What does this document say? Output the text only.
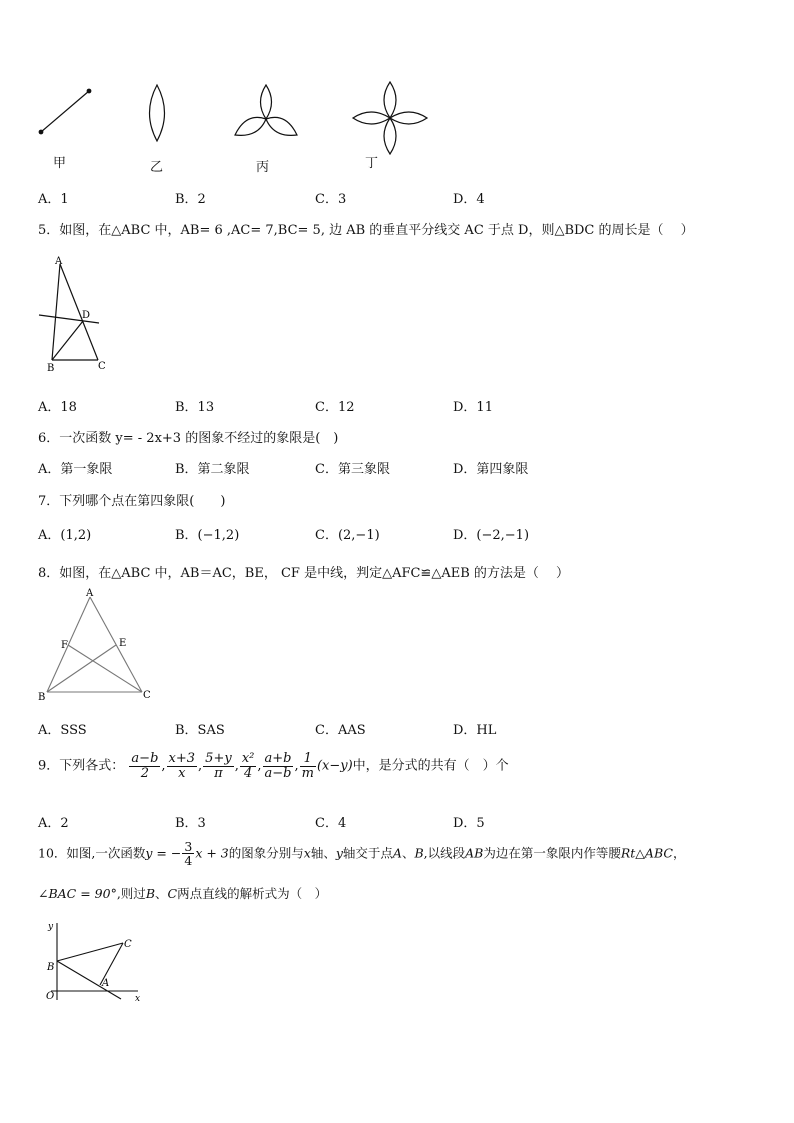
甲	乙	丙	丁
A．1	B．2	C．3	D．4
5．如图，在△ABC 中，AB= 6 ,AC= 7,BC= 5, 边 AB 的垂直平分线交 AC 于点 D，则△BDC 的周长是（　 ）
A
D
B	C
A．18	B．13	C．12	D．11
6．一次函数 y= - 2x+3 的图象不经过的象限是(　)
A．第一象限	B．第二象限	C．第三象限	D．第四象限
7．下列哪个点在第四象限(　　)
A．(1,2)	B．(−1,2)	C．(2,−1)	D．(−2,−1)
8．如图，在△ABC 中，AB＝AC，BE， CF 是中线，判定△AFC≌△AEB 的方法是（　 ）
A
F	E
B	C
A．SSS	B．SAS	C．AAS	D．HL
9．下列各式： $\frac{a-b}{2}$ , $\frac{x+3}{x}$ , $\frac{5+y}{\pi}$ , $\frac{\text{x²}}{4}$ , $\frac{a+b}{a-b}$ , $\frac{1}{m} (x-y)$中，是分式的共有（　）个
A．2	B．3	C．4	D．5
10．如图,一次函数y = − $\frac{3}{4}$ x + 3的图象分别与x轴、y轴交于点A、B,以线段AB为边在第一象限内作等腰Rt△ABC，
∠BAC = 90°,则过B、C两点直线的解析式为（　）
y
C
B
A
O	x
